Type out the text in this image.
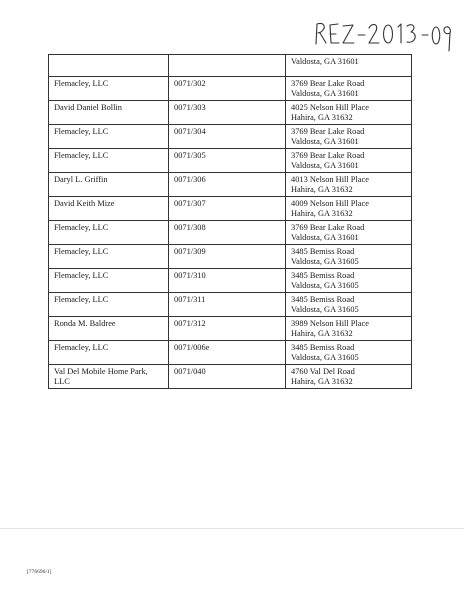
		Valdosta, GA 31601

Flemacley, LLC	0071/302	3769 Bear Lake Road
Valdosta, GA 31601

David Daniel Bollin	0071/303	4025 Nelson Hill Place
Hahira, GA 31632

Flemacley, LLC	0071/304	3769 Bear Lake Road
Valdosta, GA 31601

Flemacley, LLC	0071/305	3769 Bear Lake Road
Valdosta, GA 31601

Daryl L. Griffin	0071/306	4013 Nelson Hill Place
Hahira, GA 31632

David Keith Mize	0071/307	4009 Nelson Hill Place
Hahira, GA 31632

Flemacley, LLC	0071/308	3769 Bear Lake Road
Valdosta, GA 31601

Flemacley, LLC	0071/309	3485 Bemiss Road
Valdosta, GA 31605

Flemacley, LLC	0071/310	3485 Bemiss Road
Valdosta, GA 31605

Flemacley, LLC	0071/311	3485 Bemiss Road
Valdosta, GA 31605

Ronda M. Baldree	0071/312	3989 Nelson Hill Place
Hahira, GA 31632

Flemacley, LLC	0071/006e	3485 Bemiss Road
Valdosta, GA 31605

Val Del Mobile Home Park, LLC	0071/040	4760 Val Del Road
Hahira, GA 31632
[776696/1]
